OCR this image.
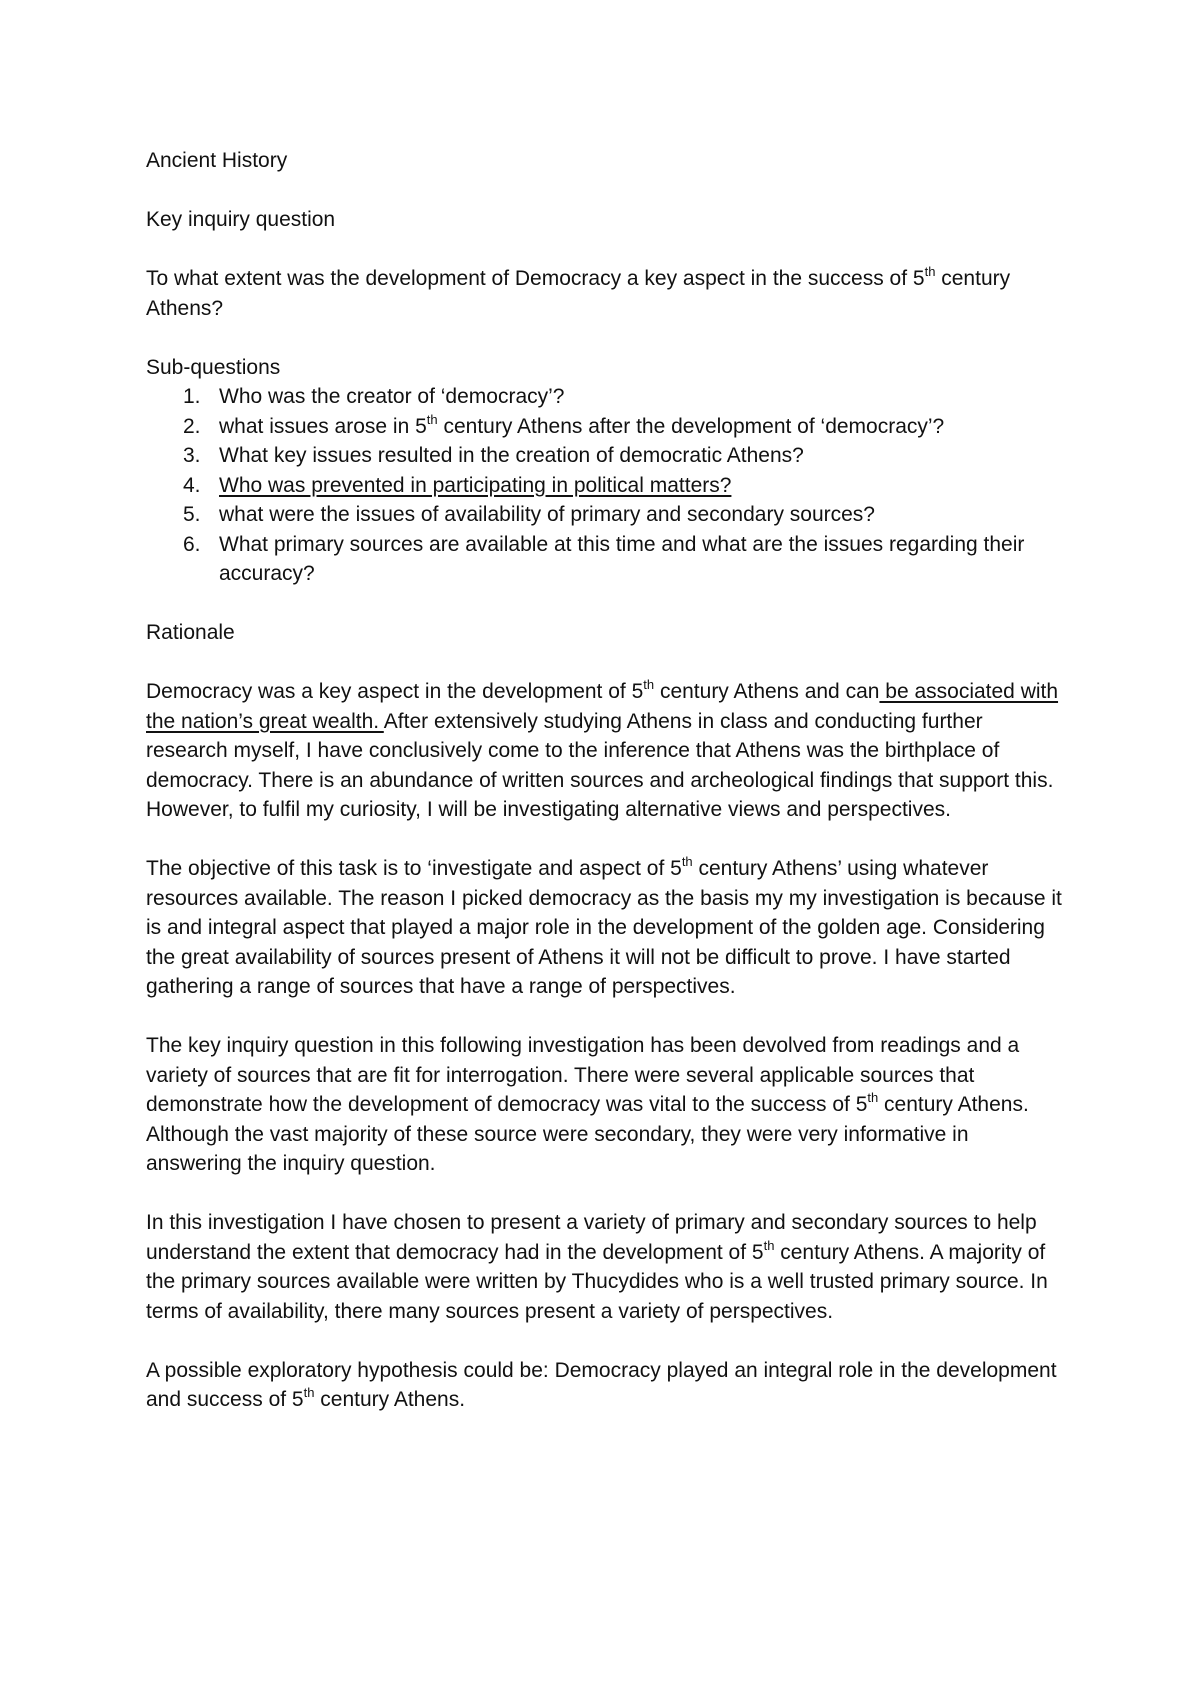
Ancient History

Key inquiry question

To what extent was the development of Democracy a key aspect in the success of 5th century Athens?

Sub-questions

1. Who was the creator of ‘democracy’?
2. what issues arose in 5th century Athens after the development of ‘democracy’?
3. What key issues resulted in the creation of democratic Athens?
4. Who was prevented in participating in political matters?
5. what were the issues of availability of primary and secondary sources?
6. What primary sources are available at this time and what are the issues regarding their accuracy?

Rationale

Democracy was a key aspect in the development of 5th century Athens and can be associated with the nation’s great wealth. After extensively studying Athens in class and conducting further research myself, I have conclusively come to the inference that Athens was the birthplace of democracy. There is an abundance of written sources and archeological findings that support this. However, to fulfil my curiosity, I will be investigating alternative views and perspectives.

The objective of this task is to ‘investigate and aspect of 5th century Athens’ using whatever resources available. The reason I picked democracy as the basis my my investigation is because it is and integral aspect that played a major role in the development of the golden age. Considering the great availability of sources present of Athens it will not be difficult to prove. I have started gathering a range of sources that have a range of perspectives.

The key inquiry question in this following investigation has been devolved from readings and a variety of sources that are fit for interrogation. There were several applicable sources that demonstrate how the development of democracy was vital to the success of 5th century Athens. Although the vast majority of these source were secondary, they were very informative in answering the inquiry question.

In this investigation I have chosen to present a variety of primary and secondary sources to help understand the extent that democracy had in the development of 5th century Athens. A majority of the primary sources available were written by Thucydides who is a well trusted primary source. In terms of availability, there many sources present a variety of perspectives.

A possible exploratory hypothesis could be: Democracy played an integral role in the development and success of 5th century Athens.
